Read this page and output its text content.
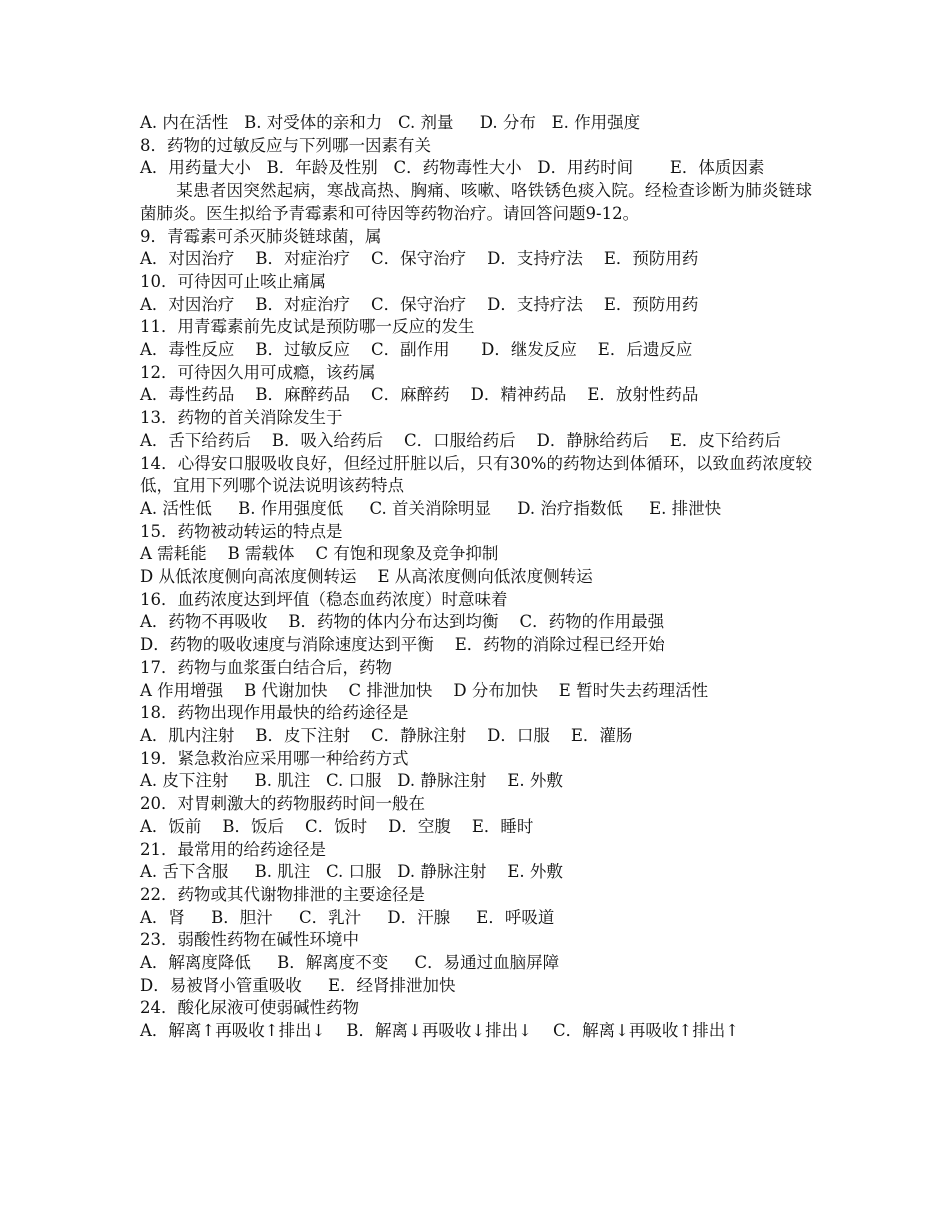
A. 内在活性   B. 对受体的亲和力   C. 剂量     D. 分布   E. 作用强度

8．药物的过敏反应与下列哪一因素有关

A．用药量大小   B．年龄及性别   C．药物毒性大小   D．用药时间       E．体质因素

某患者因突然起病，寒战高热、胸痛、咳嗽、咯铁锈色痰入院。经检查诊断为肺炎链球菌肺炎。医生拟给予青霉素和可待因等药物治疗。请回答问题9-12。

9．青霉素可杀灭肺炎链球菌，属

A．对因治疗    B．对症治疗    C．保守治疗    D．支持疗法    E．预防用药

10．可待因可止咳止痛属

A．对因治疗    B．对症治疗    C．保守治疗    D．支持疗法    E．预防用药

11．用青霉素前先皮试是预防哪一反应的发生

A．毒性反应    B．过敏反应    C．副作用      D．继发反应    E．后遗反应

12．可待因久用可成瘾，该药属

A．毒性药品    B．麻醉药品    C．麻醉药    D．精神药品    E．放射性药品

13．药物的首关消除发生于

A．舌下给药后    B．吸入给药后    C．口服给药后    D．静脉给药后    E．皮下给药后

14．心得安口服吸收良好，但经过肝脏以后，只有30%的药物达到体循环，以致血药浓度较低，宜用下列哪个说法说明该药特点

A. 活性低     B. 作用强度低     C. 首关消除明显     D. 治疗指数低     E. 排泄快

15．药物被动转运的特点是

A 需耗能    B 需载体    C 有饱和现象及竞争抑制

D 从低浓度侧向高浓度侧转运    E 从高浓度侧向低浓度侧转运

16．血药浓度达到坪值（稳态血药浓度）时意味着

A．药物不再吸收    B．药物的体内分布达到均衡    C．药物的作用最强

D．药物的吸收速度与消除速度达到平衡    E．药物的消除过程已经开始

17．药物与血浆蛋白结合后，药物

A 作用增强    B 代谢加快    C 排泄加快    D 分布加快    E 暂时失去药理活性

18．药物出现作用最快的给药途径是

A．肌内注射    B．皮下注射    C．静脉注射    D．口服    E．灌肠

19．紧急救治应采用哪一种给药方式

A. 皮下注射     B. 肌注   C. 口服   D. 静脉注射    E. 外敷

20．对胃刺激大的药物服药时间一般在

A．饭前    B．饭后    C．饭时    D．空腹    E．睡时

21．最常用的给药途径是

A. 舌下含服     B. 肌注   C. 口服   D. 静脉注射    E. 外敷

22．药物或其代谢物排泄的主要途径是

A．肾     B．胆汁     C．乳汁     D．汗腺     E．呼吸道

23．弱酸性药物在碱性环境中

A．解离度降低     B．解离度不变     C．易通过血脑屏障

D．易被肾小管重吸收     E．经肾排泄加快

24．酸化尿液可使弱碱性药物

A．解离↑再吸收↑排出↓    B．解离↓再吸收↓排出↓    C．解离↓再吸收↑排出↑
